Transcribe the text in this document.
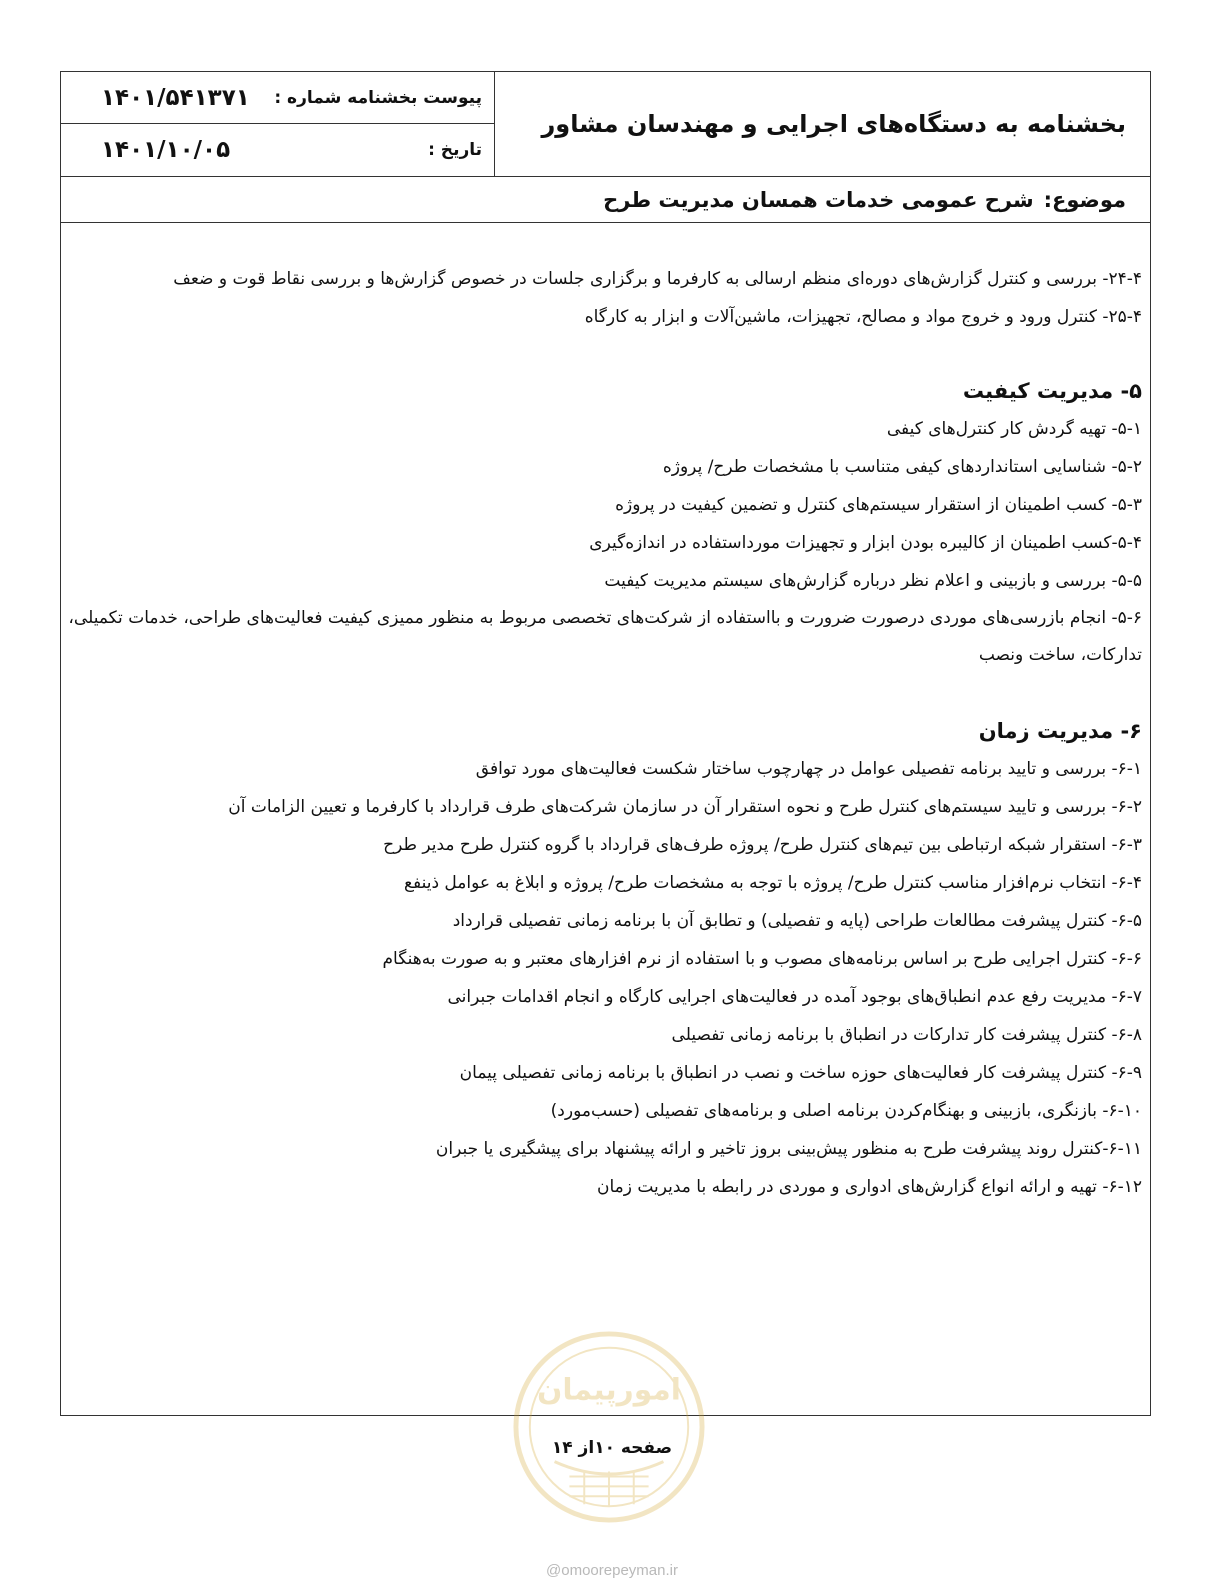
بخشنامه به دستگاه‌های اجرایی و مهندسان مشاور
پیوست بخشنامه شماره :
۱۴۰۱/۵۴۱۳۷۱
تاریخ :
۱۴۰۱/۱۰/۰۵
موضوع:
شرح عمومی خدمات همسان مدیریت طرح

۲۴-۴- بررسی و کنترل گزارش‌های دوره‌ای منظم ارسالی به کارفرما و برگزاری جلسات در خصوص گزارش‌ها و بررسی نقاط قوت و ضعف

۲۵-۴- کنترل ورود و خروج مواد و مصالح، تجهیزات، ماشین‌آلات و ابزار به کارگاه

۵- مدیریت کیفیت

۵-۱- تهیه گردش کار کنترل‌های کیفی

۵-۲- شناسایی استانداردهای کیفی متناسب با مشخصات طرح/ پروژه

۵-۳- کسب اطمینان از استقرار سیستم‌های کنترل و تضمین کیفیت در پروژه

۵-۴-کسب اطمینان از کالیبره بودن ابزار و تجهیزات مورداستفاده در اندازه‌گیری

۵-۵- بررسی و بازبینی و اعلام نظر درباره گزارش‌های سیستم مدیریت کیفیت

۵-۶- انجام بازرسی‌های موردی درصورت ضرورت و بااستفاده از شرکت‌های تخصصی مربوط به منظور ممیزی کیفیت فعالیت‌های طراحی، خدمات تکمیلی، تدارکات، ساخت ونصب

۶- مدیریت زمان

۶-۱- بررسی و تایید برنامه تفصیلی عوامل در چهارچوب ساختار شکست فعالیت‌های مورد توافق

۶-۲- بررسی و تایید سیستم‌های کنترل طرح و نحوه استقرار آن در سازمان شرکت‌های طرف قرارداد با کارفرما و تعیین الزامات آن

۶-۳- استقرار شبکه ارتباطی بین تیم‌های کنترل طرح/ پروژه طرف‌های قرارداد با گروه کنترل طرح مدیر طرح

۶-۴- انتخاب نرم‌افزار مناسب کنترل طرح/ پروژه با توجه به مشخصات طرح/ پروژه و ابلاغ به عوامل ذینفع

۶-۵- کنترل پیشرفت مطالعات طراحی (پایه و تفصیلی) و تطابق آن با برنامه زمانی تفصیلی قرارداد

۶-۶- کنترل اجرایی طرح بر اساس برنامه‌های مصوب و با استفاده از نرم افزارهای معتبر و به صورت به‌هنگام

۶-۷- مدیریت رفع عدم انطباق‌های بوجود آمده در فعالیت‌های اجرایی کارگاه و انجام اقدامات جبرانی

۶-۸- کنترل پیشرفت کار تدارکات در انطباق با برنامه زمانی تفصیلی

۶-۹- کنترل پیشرفت کار فعالیت‌های حوزه ساخت و نصب در انطباق با برنامه زمانی تفصیلی پیمان

۶-۱۰- بازنگری، بازبینی و بهنگام‌کردن برنامه اصلی و برنامه‌های تفصیلی (حسب‌مورد)

۶-۱۱-کنترل روند پیشرفت طرح به منظور پیش‌بینی بروز تاخیر و ارائه پیشنهاد برای پیشگیری یا جبران

۶-۱۲- تهیه و ارائه انواع گزارش‌های ادواری و موردی در رابطه با مدیریت زمان

امورپیمان
صفحه ۱۰از ۱۴
@omoorepeyman.ir
